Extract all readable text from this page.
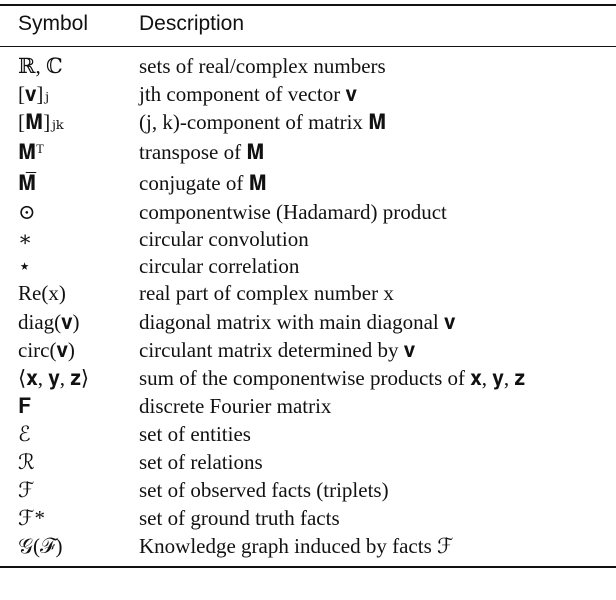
Symbol Description
ℝ, ℂ	sets of real/complex numbers
[𝐯]ⱼ	jth component of vector 𝐯
[𝐌]ⱼₖ	(j, k)-component of matrix 𝐌
𝐌ᵀ	transpose of 𝐌
𝐌̅	conjugate of 𝐌
⊙	componentwise (Hadamard) product
∗	circular convolution
⋆	circular correlation
Re(x)	real part of complex number x
diag(𝐯)	diagonal matrix with main diagonal 𝐯
circ(𝐯)	circulant matrix determined by 𝐯
⟨𝐱, 𝐲, 𝐳⟩ sum of the componentwise products of 𝐱, 𝐲, 𝐳
𝐅	discrete Fourier matrix
ℰ	set of entities
ℛ	set of relations
ℱ	set of observed facts (triplets)
ℱ*	set of ground truth facts
𝒢(ℱ)	Knowledge graph induced by facts ℱ
